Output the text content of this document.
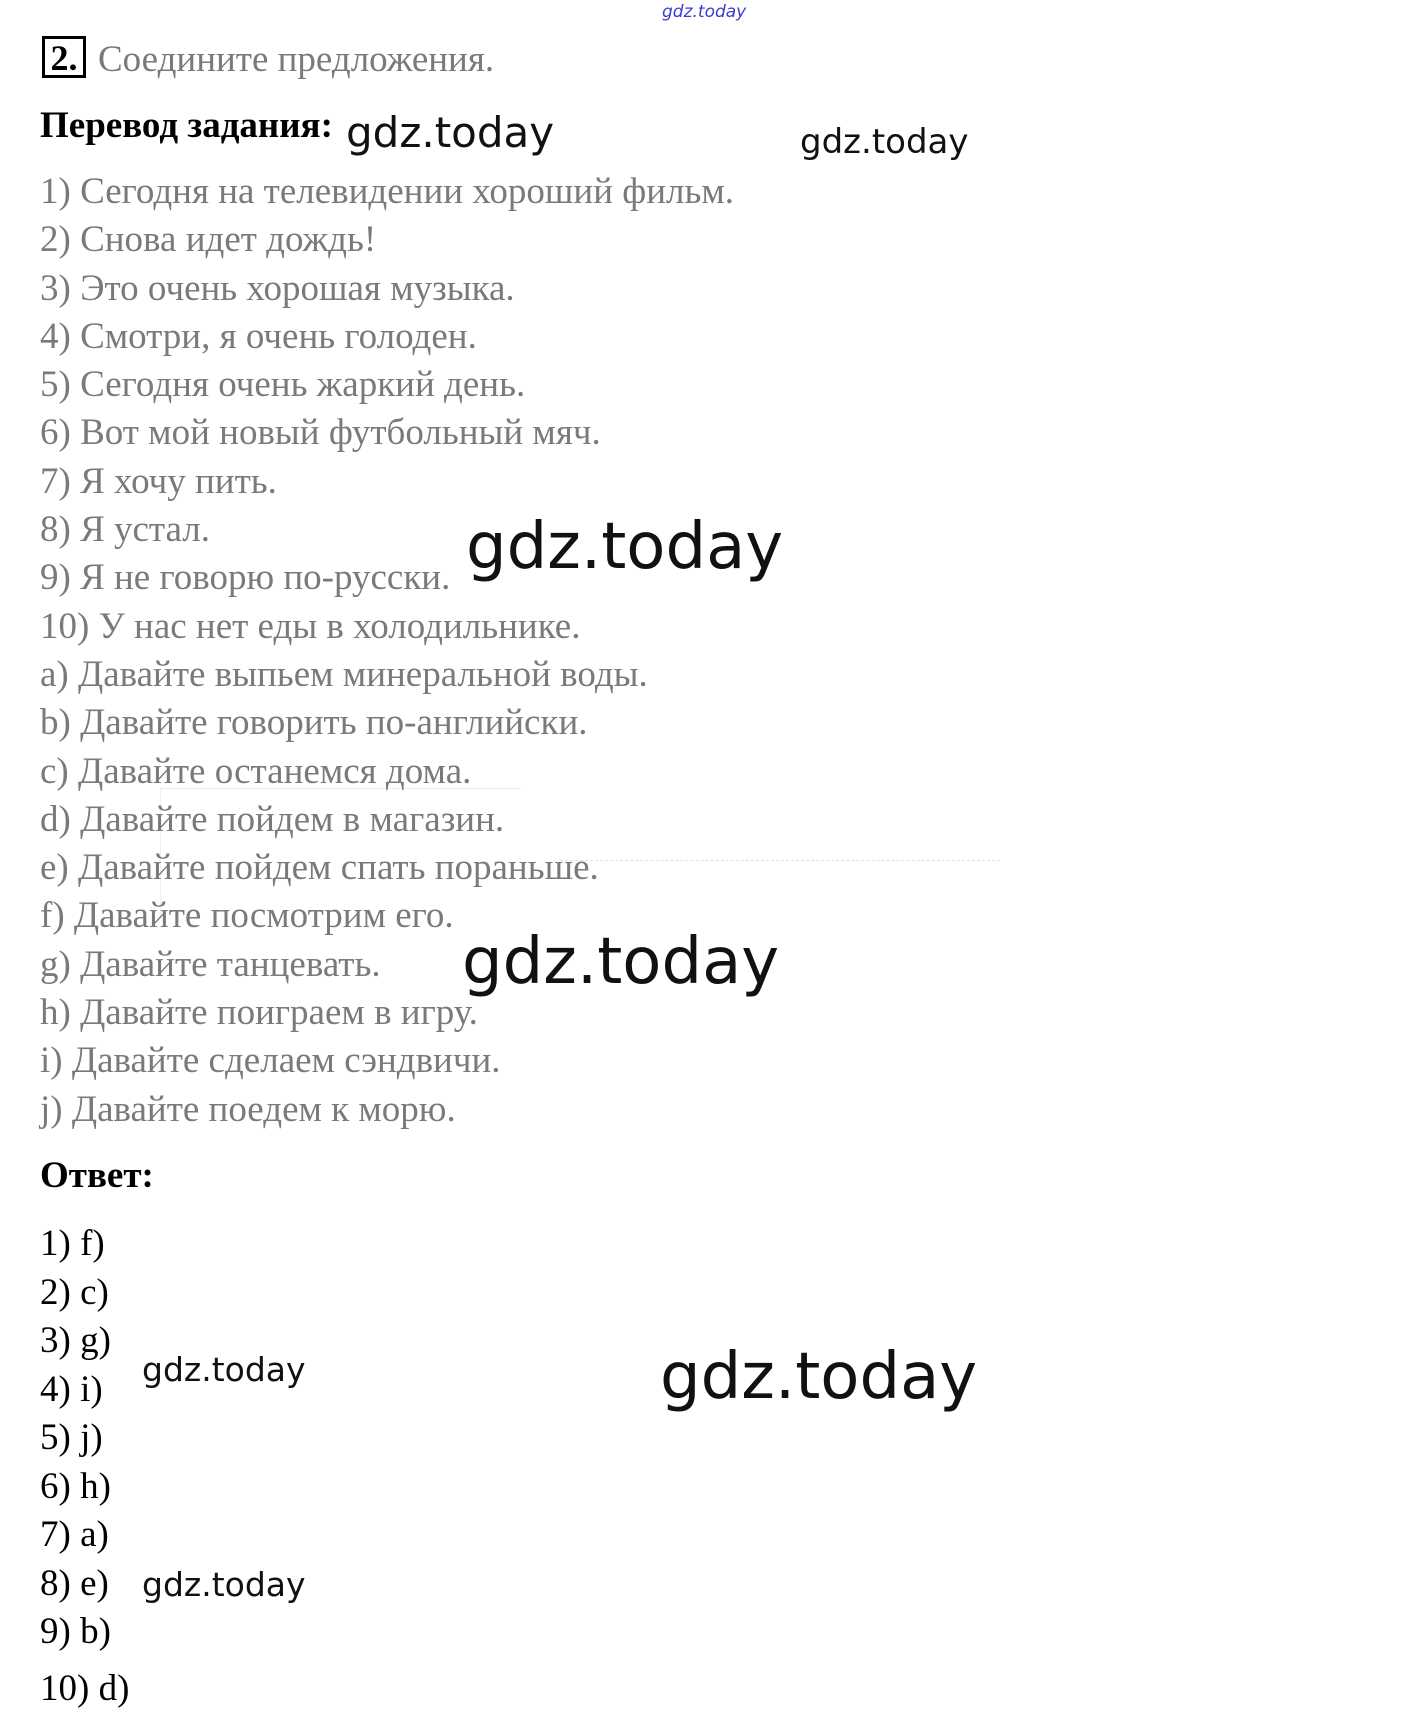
gdz.today
gdz.today	gdz.today
gdz.today
gdz.today
gdz.today	gdz.today
gdz.today
2. Соедините предложения.
Перевод задания:
1) Сегодня на телевидении хороший фильм.
2) Снова идет дождь!
3) Это очень хорошая музыка.
4) Смотри, я очень голоден.
5) Сегодня очень жаркий день.
6) Вот мой новый футбольный мяч.
7) Я хочу пить.
8) Я устал.
9) Я не говорю по-русски.
10) У нас нет еды в холодильнике.
a) Давайте выпьем минеральной воды.
b) Давайте говорить по-английски.
c) Давайте останемся дома.
d) Давайте пойдем в магазин.
e) Давайте пойдем спать пораньше.
f) Давайте посмотрим его.
g) Давайте танцевать.
h) Давайте поиграем в игру.
i) Давайте сделаем сэндвичи.
j) Давайте поедем к морю.
Ответ:
1) f)
2) c)
3) g)
4) i)
5) j)
6) h)
7) a)
8) e)
9) b)
10) d)
